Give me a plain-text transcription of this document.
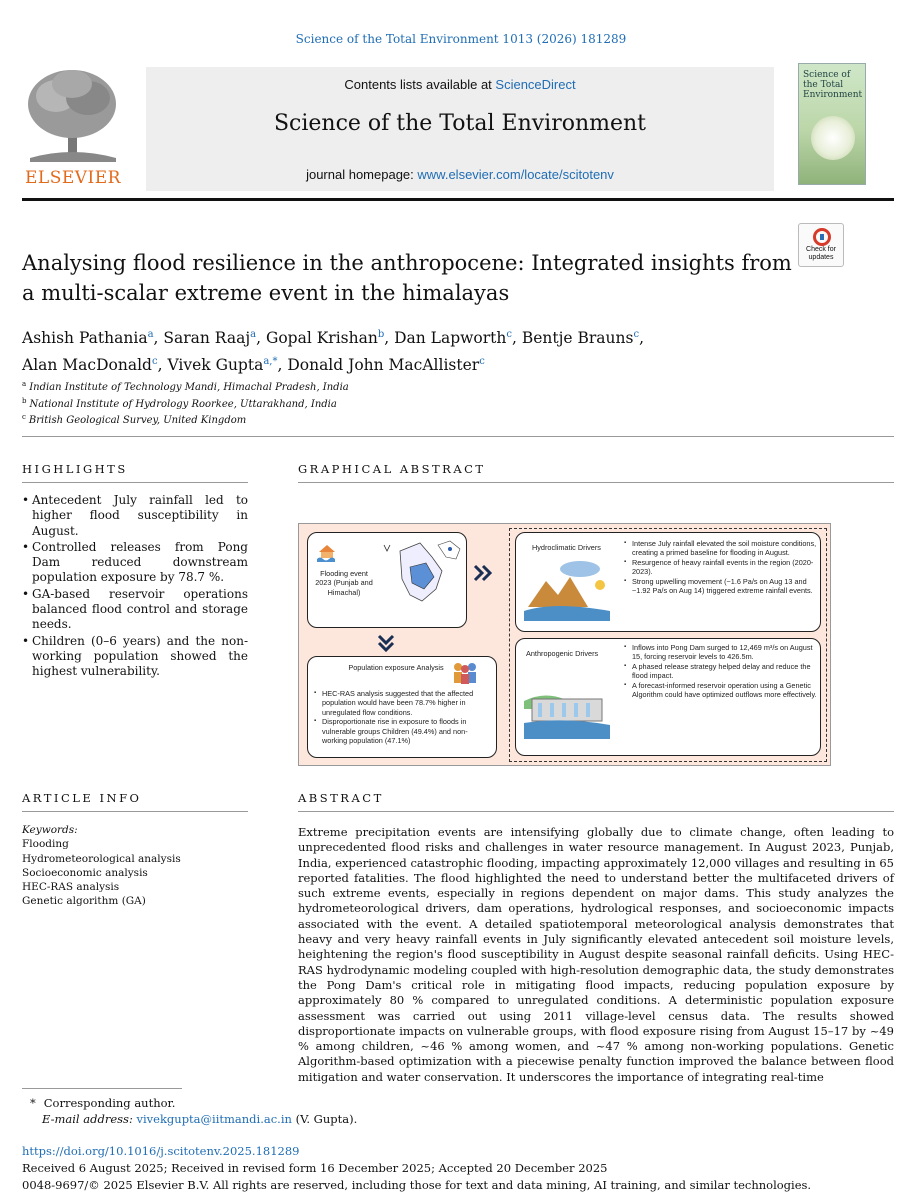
Science of the Total Environment 1013 (2026) 181289
ELSEVIER
Contents lists available at ScienceDirect
Science of the Total Environment
journal homepage: www.elsevier.com/locate/scitotenv
Science of the Total Environment
Check for updates
Analysing flood resilience in the anthropocene: Integrated insights from a multi-scalar extreme event in the himalayas
Ashish Pathania$^a$, Saran Raaj$^a$, Gopal Krishan$^b$, Dan Lapworth$^c$, Bentje Brauns$^c$,
Alan MacDonald$^c$, Vivek Gupta$^{a,*}$, Donald John MacAllister$^c$
$^a$ Indian Institute of Technology Mandi, Himachal Pradesh, India
$^b$ National Institute of Hydrology Roorkee, Uttarakhand, India
$^c$ British Geological Survey, United Kingdom
HIGHLIGHTS
• Antecedent July rainfall led to higher flood susceptibility in August.
• Controlled releases from Pong Dam reduced downstream population exposure by 78.7 %.
• GA-based reservoir operations balanced flood control and storage needs.
• Children (0–6 years) and the non-working population showed the highest vulnerability.
GRAPHICAL ABSTRACT
Flooding event 2023 (Punjab and Himachal)
Population exposure Analysis
▪ HEC-RAS analysis suggested that the affected population would have been 78.7% higher in unregulated flow conditions.
▪ Disproportionate rise in exposure to floods in vulnerable groups Children (49.4%) and non-working population (47.1%)
Hydroclimatic Drivers
▪	Intense July rainfall elevated the soil moisture conditions, creating a primed baseline for flooding in August.
▪ Resurgence of heavy rainfall events in the region (2020-2023).
▪ Strong upwelling movement (~1.6 Pa/s on Aug 13 and ~1.92 Pa/s on Aug 14) triggered extreme rainfall events.
Anthropogenic Drivers
▪ Inflows into Pong Dam surged to 12,469 m³/s on August 15, forcing reservoir levels to 426.5m.
▪ A phased release strategy helped delay and reduce the flood impact.
▪ A forecast-informed reservoir operation using a Genetic Algorithm could have optimized outflows more effectively.
ARTICLE INFO
Keywords:
Flooding
Hydrometeorological analysis
Socioeconomic analysis
HEC-RAS analysis
Genetic algorithm (GA)
ABSTRACT
Extreme precipitation events are intensifying globally due to climate change, often leading to unprecedented flood risks and challenges in water resource management. In August 2023, Punjab, India, experienced catastrophic flooding, impacting approximately 12,000 villages and resulting in 65 reported fatalities. The flood highlighted the need to understand better the multifaceted drivers of such extreme events, especially in regions dependent on major dams. This study analyzes the hydrometeorological drivers, dam operations, hydrological responses, and socioeconomic impacts associated with the event. A detailed spatiotemporal meteorological analysis demonstrates that heavy and very heavy rainfall events in July significantly elevated antecedent soil moisture levels, heightening the region's flood susceptibility in August despite seasonal rainfall deficits. Using HEC-RAS hydrodynamic modeling coupled with high-resolution demographic data, the study demonstrates the Pong Dam's critical role in mitigating flood impacts, reducing population exposure by approximately 80 % compared to unregulated conditions. A deterministic population exposure assessment was carried out using 2011 village-level census data. The results showed disproportionate impacts on vulnerable groups, with flood exposure rising from August 15–17 by ~49 % among children, ~46 % among women, and ~47 % among non-working populations. Genetic Algorithm-based optimization with a piecewise penalty function improved the balance between flood mitigation and water conservation. It underscores the importance of integrating real-time
* Corresponding author.
E-mail address: vivekgupta@iitmandi.ac.in (V. Gupta).
https://doi.org/10.1016/j.scitotenv.2025.181289
Received 6 August 2025; Received in revised form 16 December 2025; Accepted 20 December 2025
0048-9697/© 2025 Elsevier B.V. All rights are reserved, including those for text and data mining, AI training, and similar technologies.
